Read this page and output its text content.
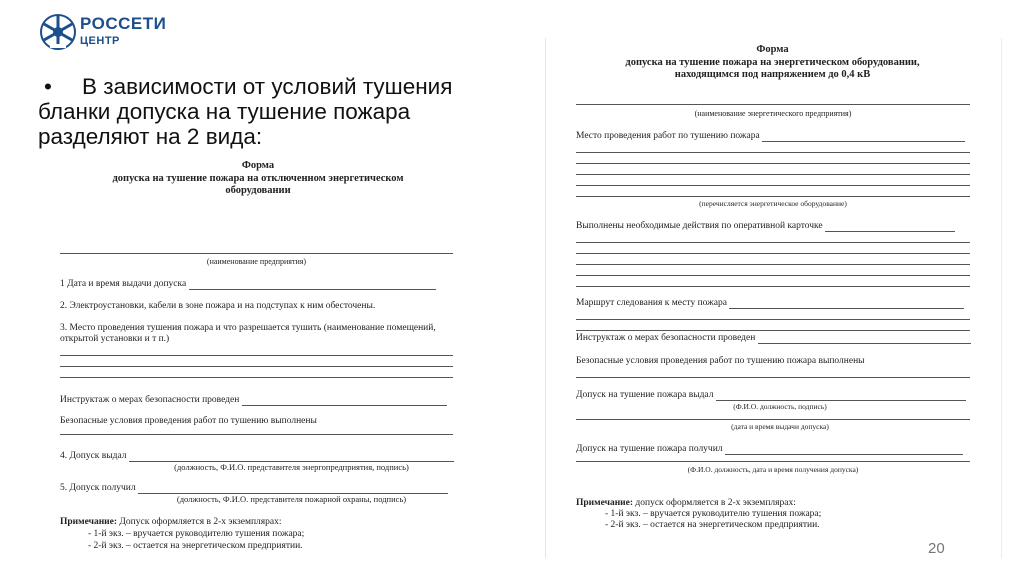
РОССЕТИ
ЦЕНТР
• В зависимости от условий тушения
бланки допуска на тушение пожара
разделяют на 2 вида:
Форма
допуска на тушение пожара на отключенном энергетическом
оборудовании
(наименование предприятия)
1 Дата и время выдачи допуска
2. Электроустановки, кабели в зоне пожара и на подступах к ним обесточены.
3. Место проведения тушения пожара и что разрешается тушить (наименование помещений,
открытой установки и т п.)
Инструктаж о мерах безопасности проведен
Безопасные условия проведения работ по тушению выполнены
4. Допуск выдал
(должность, Ф.И.О. представителя энергопредприятия, подпись)
5. Допуск получил
(должность, Ф.И.О. представителя пожарной охраны, подпись)
Примечание: Допуск оформляется в 2-х экземплярах:
- 1-й экз. – вручается руководителю тушения пожара;
- 2-й экз. – остается на энергетическом предприятии.
Форма
допуска на тушение пожара на энергетическом оборудовании,
находящимся под напряжением до 0,4 кВ
(наименование энергетического предприятия)
Место проведения работ по тушению пожара
(перечисляется энергетическое оборудование)
Выполнены необходимые действия по оперативной карточке
Маршрут следования к месту пожара
Инструктаж о мерах безопасности проведен
Безопасные условия проведения работ по тушению пожара выполнены
Допуск на тушение пожара выдал
(Ф.И.О. должность, подпись)
(дата и время выдачи допуска)
Допуск на тушение пожара получил
(Ф.И.О. должность, дата и время получения допуска)
Примечание: допуск оформляется в 2-х экземплярах:
- 1-й экз. – вручается руководителю тушения пожара;
- 2-й экз. – остается на энергетическом предприятии.
20
